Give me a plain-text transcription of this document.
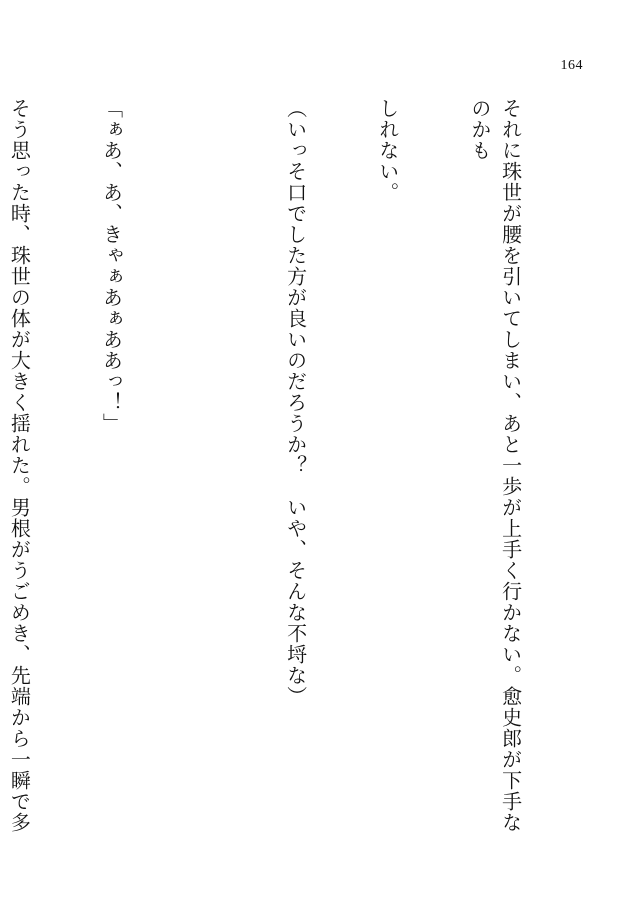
164

それに珠世が腰を引いてしまい、あと一歩が上手く行かない。愈史郎が下手なのかも

しれない。

（いっそ口でした方が良いのだろうか？　いや、そんな不埒な）

「ぁあ、あ、きゃぁあぁああっ！」

そう思った時、珠世の体が大きく揺れた。男根がうごめき、先端から一瞬で多
